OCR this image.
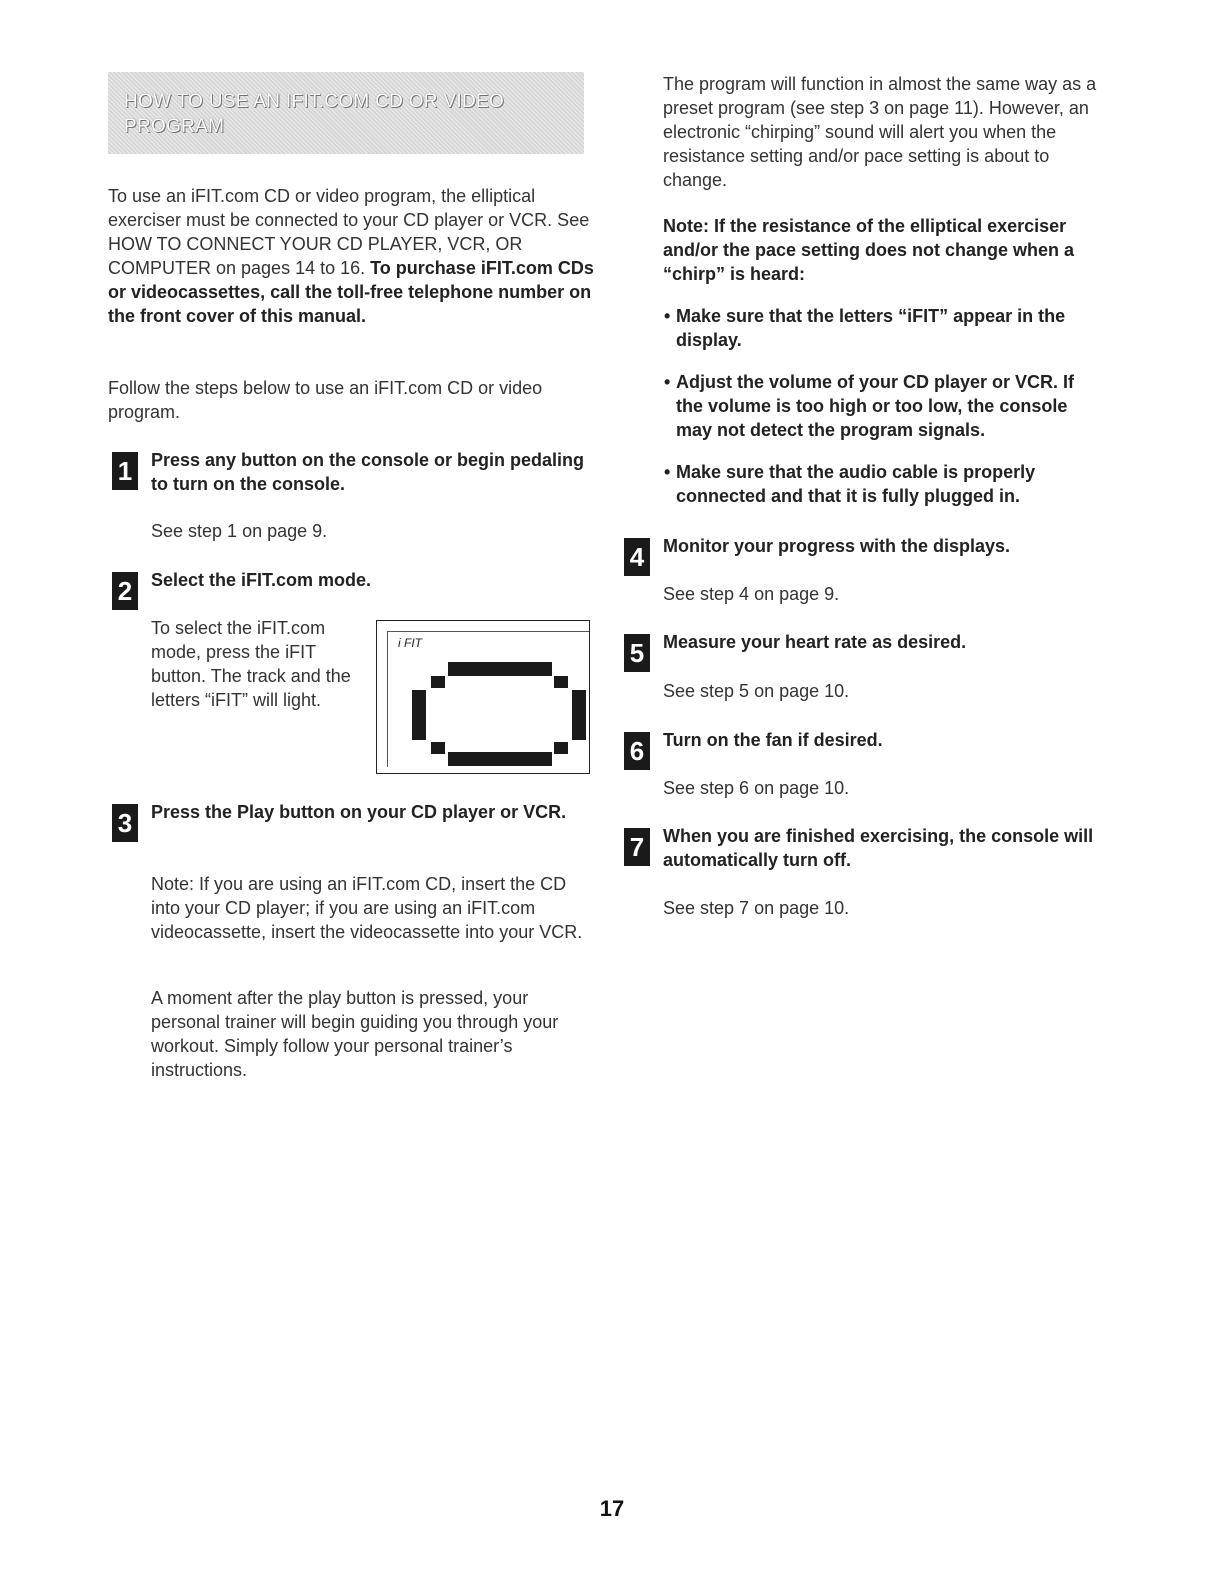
HOW TO USE AN IFIT.COM CD OR VIDEO PROGRAM

To use an iFIT.com CD or video program, the elliptical exerciser must be connected to your CD player or VCR. See HOW TO CONNECT YOUR CD PLAYER, VCR, OR COMPUTER on pages 14 to 16. To purchase iFIT.com CDs or videocassettes, call the toll-free telephone number on the front cover of this manual.

Follow the steps below to use an iFIT.com CD or video program.

1	Press any button on the console or begin pedaling to turn on the console.

See step 1 on page 9.

2	Select the iFIT.com mode.

To select the iFIT.com mode, press the iFIT button. The track and the letters “iFIT” will light.

i FIT
3	Press the Play button on your CD player or VCR.

Note: If you are using an iFIT.com CD, insert the CD into your CD player; if you are using an iFIT.com videocassette, insert the videocassette into your VCR.

A moment after the play button is pressed, your personal trainer will begin guiding you through your workout. Simply follow your personal trainer’s instructions.

The program will function in almost the same way as a preset program (see step 3 on page 11). However, an electronic “chirping” sound will alert you when the resistance setting and/or pace setting is about to change.

Note: If the resistance of the elliptical exerciser and/or the pace setting does not change when a “chirp” is heard:

• Make sure that the letters “iFIT” appear in the display.
• Adjust the volume of your CD player or VCR. If the volume is too high or too low, the console may not detect the program signals.
• Make sure that the audio cable is properly connected and that it is fully plugged in.
4	Monitor your progress with the displays.

See step 4 on page 9.

5	Measure your heart rate as desired.

See step 5 on page 10.

6	Turn on the fan if desired.

See step 6 on page 10.

7	When you are finished exercising, the console will automatically turn off.

See step 7 on page 10.

17
